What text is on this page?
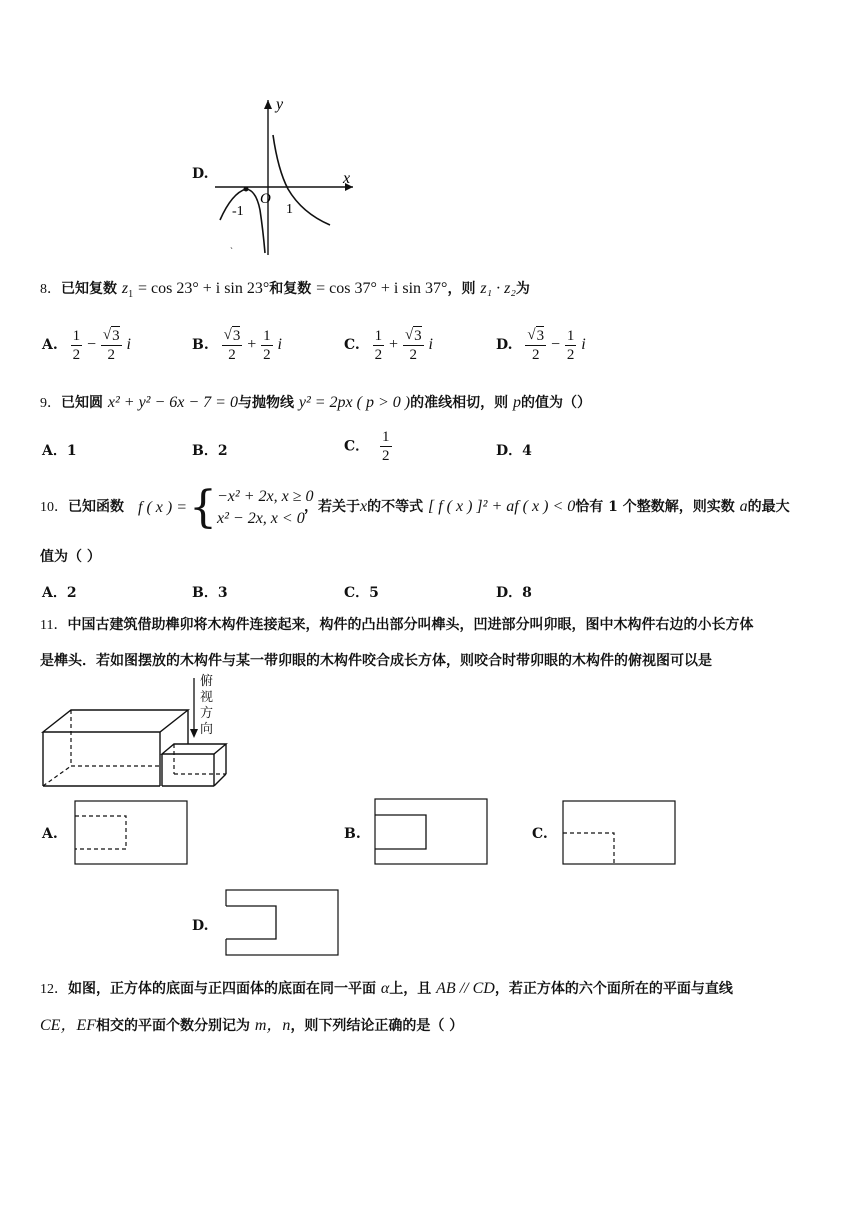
D.
y
x
O
-1	1
ˏ
8．已知复数 $z_1 = \cos 23^\circ + i$ sin 23°和复数 = cos 37° + i sin 37°，则 z₁ · z₂为
A. $\frac{1}{2} - \frac{√ 3}{2}$ i	B. $\frac{√ 3}{2} + \frac{1}{2}$ i	C. $\frac{1}{2} + \frac{√ 3}{2}$ i	D. $\frac{√ 3}{2} - \frac{1}{2}$ i
9．已知圆 x² + y² − 6x − 7 = 0与抛物线 y² = 2px ( p > 0 )的准线相切，则 p的值为（）
A．1	B．2	C． $\frac{1}{2}$	D．4
10．已知函数 f ( x ) = { −x² + 2x, x ≥ 0
x² − 2x, x < 0
，若关于x的不等式 [ f ( x ) ]² + af ( x ) < 0恰有 1 个整数解，则实数 a的最大
值为（ ）
A．2	B．3	C．5	D．8
11．中国古建筑借助榫卯将木构件连接起来，构件的凸出部分叫榫头，凹进部分叫卯眼，图中木构件右边的小长方体
是榫头．若如图摆放的木构件与某一带卯眼的木构件咬合成长方体，则咬合时带卯眼的木构件的俯视图可以是
俯
视
方
向
A.	B.	C.
D.
12．如图，正方体的底面与正四面体的底面在同一平面 α上，且 AB // CD，若正方体的六个面所在的平面与直线
CE，EF相交的平面个数分别记为 m，n，则下列结论正确的是（ ）
